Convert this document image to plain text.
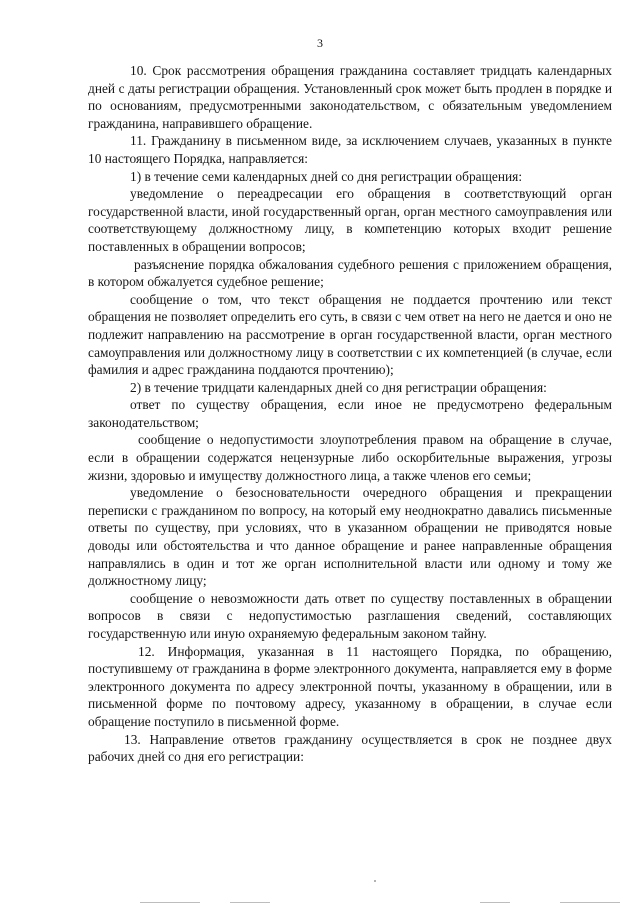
3

10. Срок рассмотрения обращения гражданина составляет тридцать календарных дней с даты регистрации обращения. Установленный срок может быть продлен в порядке и по основаниям, предусмотренными законодательством, с обязательным уведомлением гражданина, направившего обращение.

11. Гражданину в письменном виде, за исключением случаев, указанных в пункте 10 настоящего Порядка, направляется:

1) в течение семи календарных дней со дня регистрации обращения:

уведомление о переадресации его обращения в соответствующий орган государственной власти, иной государственный орган, орган местного самоуправления или соответствующему должностному лицу, в компетенцию которых входит решение поставленных в обращении вопросов;

разъяснение порядка обжалования судебного решения с приложением обращения, в котором обжалуется судебное решение;

сообщение о том, что текст обращения не поддается прочтению или текст обращения не позволяет определить его суть, в связи с чем ответ на него не дается и оно не подлежит направлению на рассмотрение в орган государственной власти, орган местного самоуправления или должностному лицу в соответствии с их компетенцией (в случае, если фамилия и адрес гражданина поддаются прочтению);

2) в течение тридцати календарных дней со дня регистрации обращения:

ответ по существу обращения, если иное не предусмотрено федеральным законодательством;

сообщение о недопустимости злоупотребления правом на обращение в случае, если в обращении содержатся нецензурные либо оскорбительные выражения, угрозы жизни, здоровью и имуществу должностного лица, а также членов его семьи;

уведомление о безосновательности очередного обращения и прекращении переписки с гражданином по вопросу, на который ему неоднократно давались письменные ответы по существу, при условиях, что в указанном обращении не приводятся новые доводы или обстоятельства и что данное обращение и ранее направленные обращения направлялись в один и тот же орган исполнительной власти или одному и тому же должностному лицу;

сообщение о невозможности дать ответ по существу поставленных в обращении вопросов в связи с недопустимостью разглашения сведений, составляющих государственную или иную охраняемую федеральным законом тайну.

12. Информация, указанная в 11 настоящего Порядка, по обращению, поступившему от гражданина в форме электронного документа, направляется ему в форме электронного документа по адресу электронной почты, указанному в обращении, или в письменной форме по почтовому адресу, указанному в обращении, в случае если обращение поступило в письменной форме.

13. Направление ответов гражданину осуществляется в срок не позднее двух рабочих дней со дня его регистрации:
